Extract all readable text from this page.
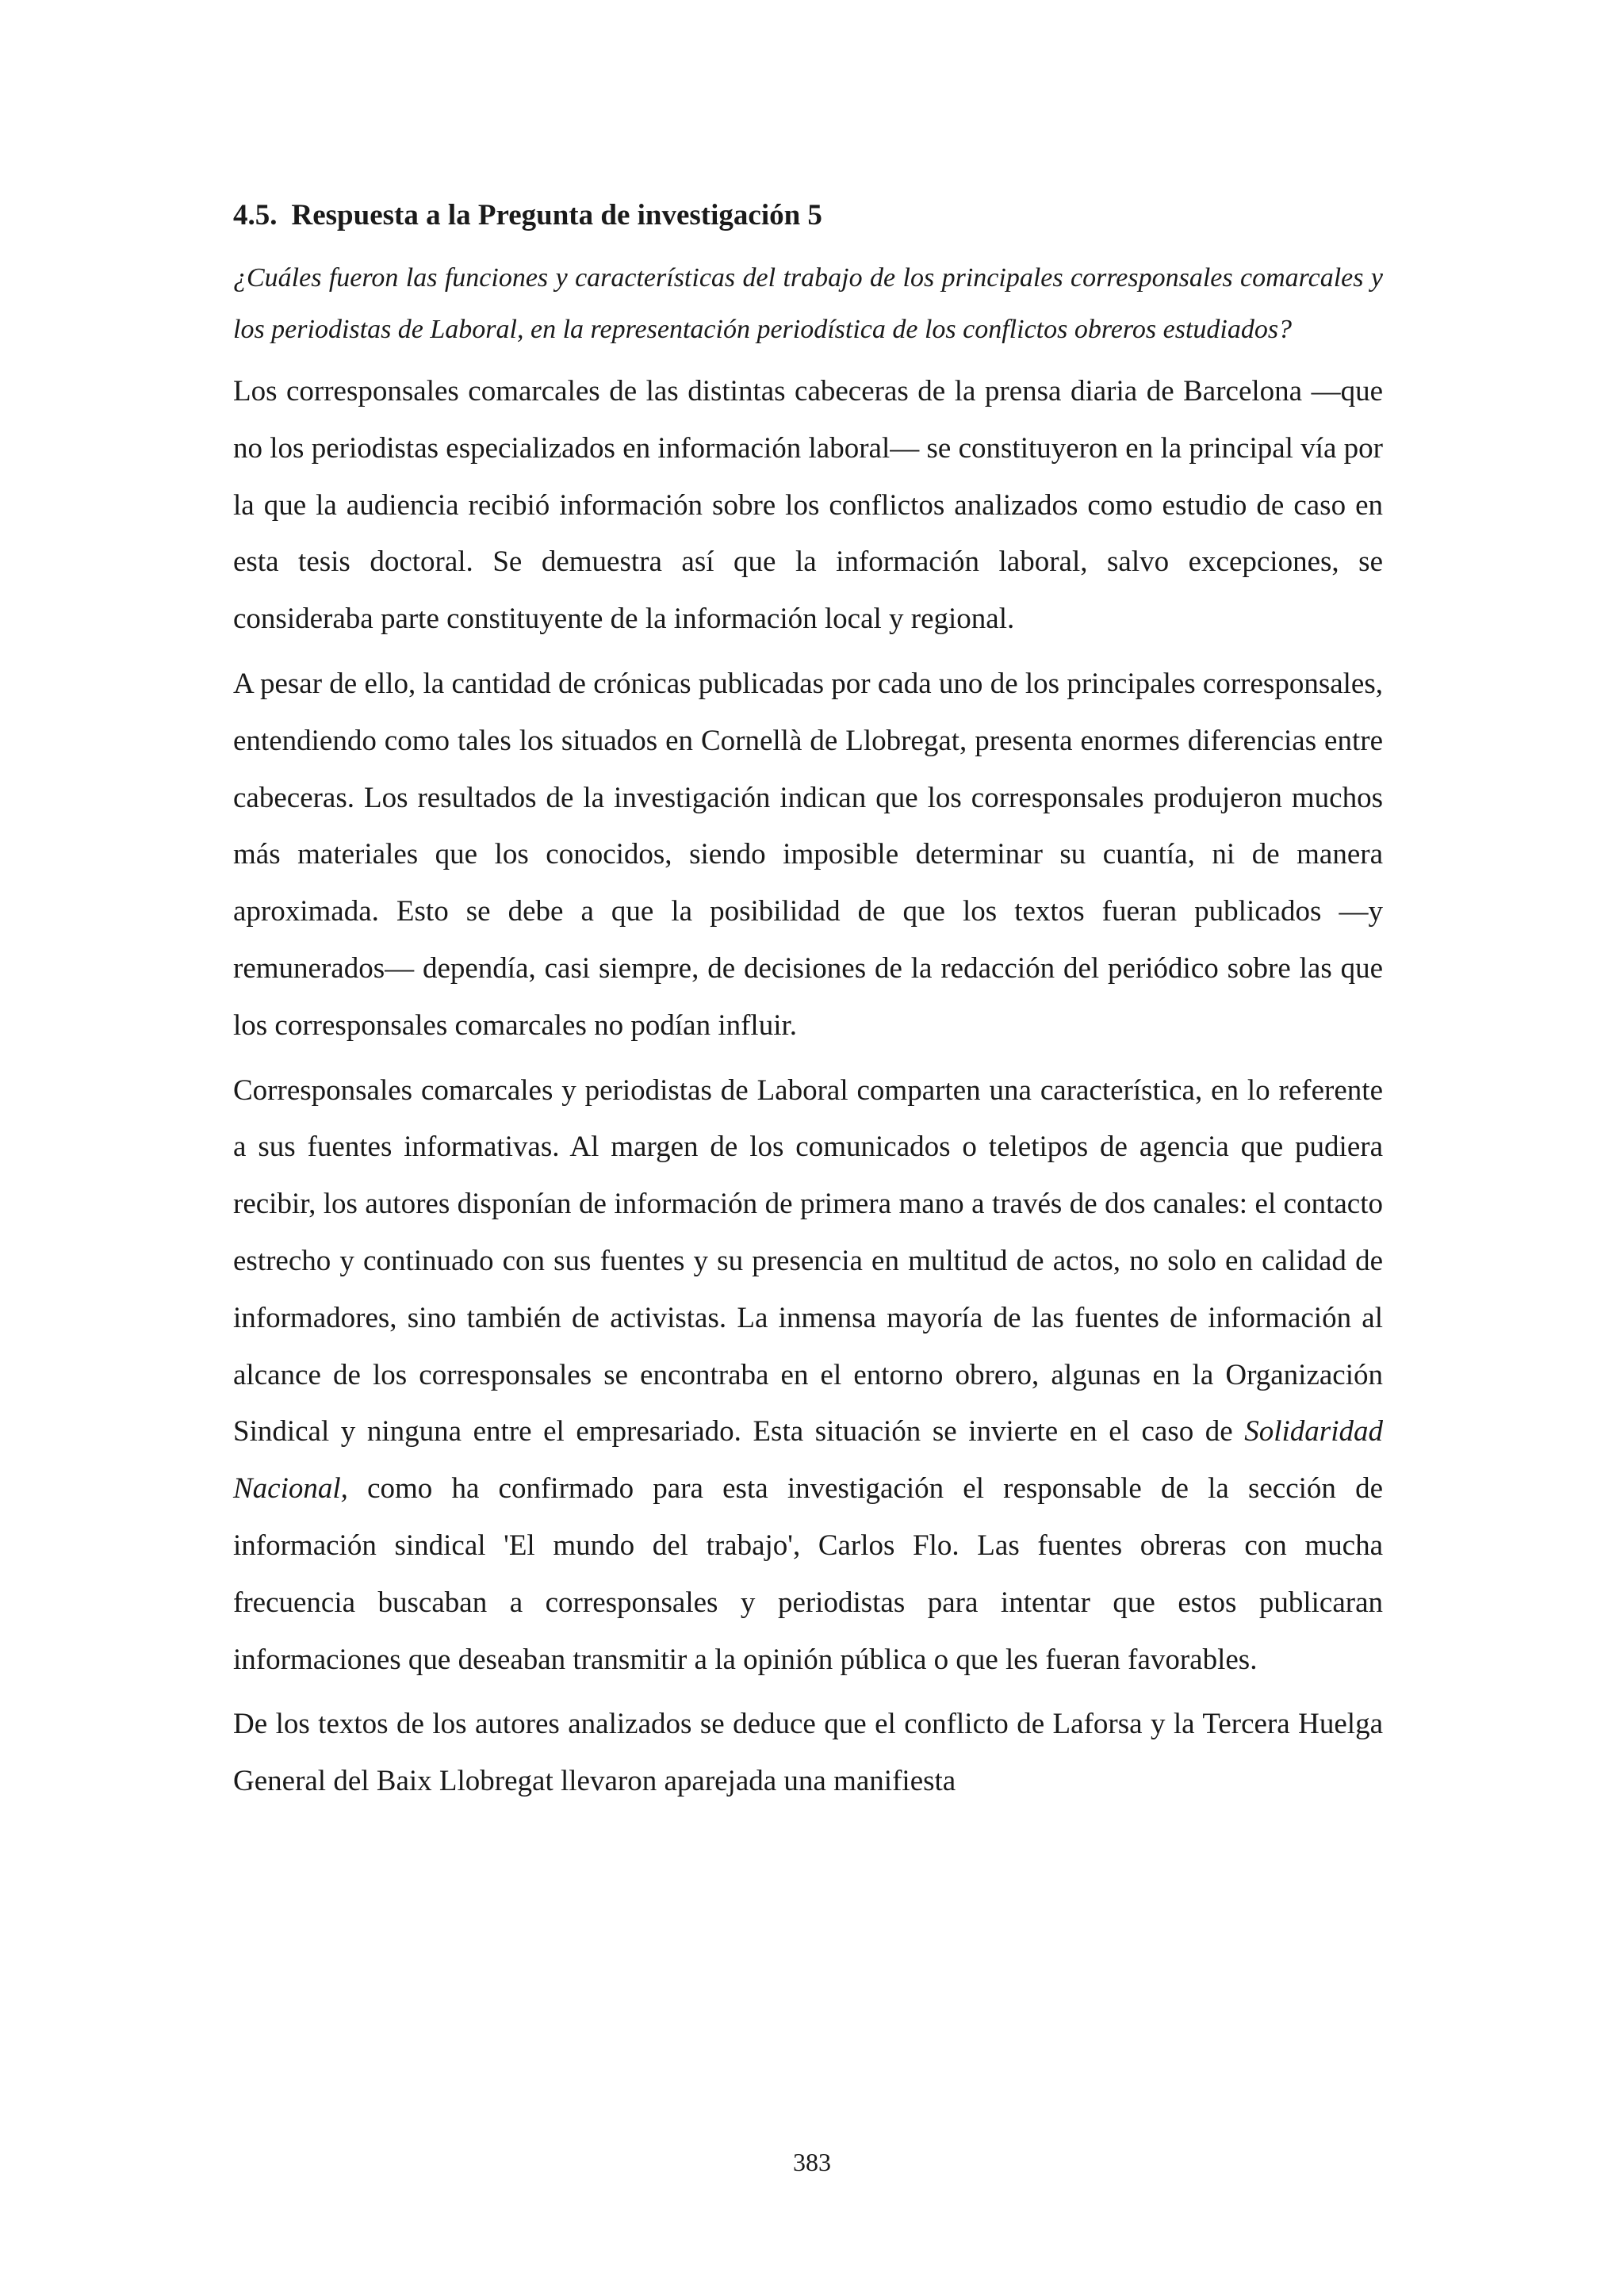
4.5. Respuesta a la Pregunta de investigación 5

¿Cuáles fueron las funciones y características del trabajo de los principales corresponsales comarcales y los periodistas de Laboral, en la representación periodística de los conflictos obreros estudiados?

Los corresponsales comarcales de las distintas cabeceras de la prensa diaria de Barcelona —que no los periodistas especializados en información laboral— se constituyeron en la principal vía por la que la audiencia recibió información sobre los conflictos analizados como estudio de caso en esta tesis doctoral. Se demuestra así que la información laboral, salvo excepciones, se consideraba parte constituyente de la información local y regional.

A pesar de ello, la cantidad de crónicas publicadas por cada uno de los principales corresponsales, entendiendo como tales los situados en Cornellà de Llobregat, presenta enormes diferencias entre cabeceras. Los resultados de la investigación indican que los corresponsales produjeron muchos más materiales que los conocidos, siendo imposible determinar su cuantía, ni de manera aproximada. Esto se debe a que la posibilidad de que los textos fueran publicados —y remunerados— dependía, casi siempre, de decisiones de la redacción del periódico sobre las que los corresponsales comarcales no podían influir.

Corresponsales comarcales y periodistas de Laboral comparten una característica, en lo referente a sus fuentes informativas. Al margen de los comunicados o teletipos de agencia que pudiera recibir, los autores disponían de información de primera mano a través de dos canales: el contacto estrecho y continuado con sus fuentes y su presencia en multitud de actos, no solo en calidad de informadores, sino también de activistas. La inmensa mayoría de las fuentes de información al alcance de los corresponsales se encontraba en el entorno obrero, algunas en la Organización Sindical y ninguna entre el empresariado. Esta situación se invierte en el caso de Solidaridad Nacional, como ha confirmado para esta investigación el responsable de la sección de información sindical 'El mundo del trabajo', Carlos Flo. Las fuentes obreras con mucha frecuencia buscaban a corresponsales y periodistas para intentar que estos publicaran informaciones que deseaban transmitir a la opinión pública o que les fueran favorables.

De los textos de los autores analizados se deduce que el conflicto de Laforsa y la Tercera Huelga General del Baix Llobregat llevaron aparejada una manifiesta

383
